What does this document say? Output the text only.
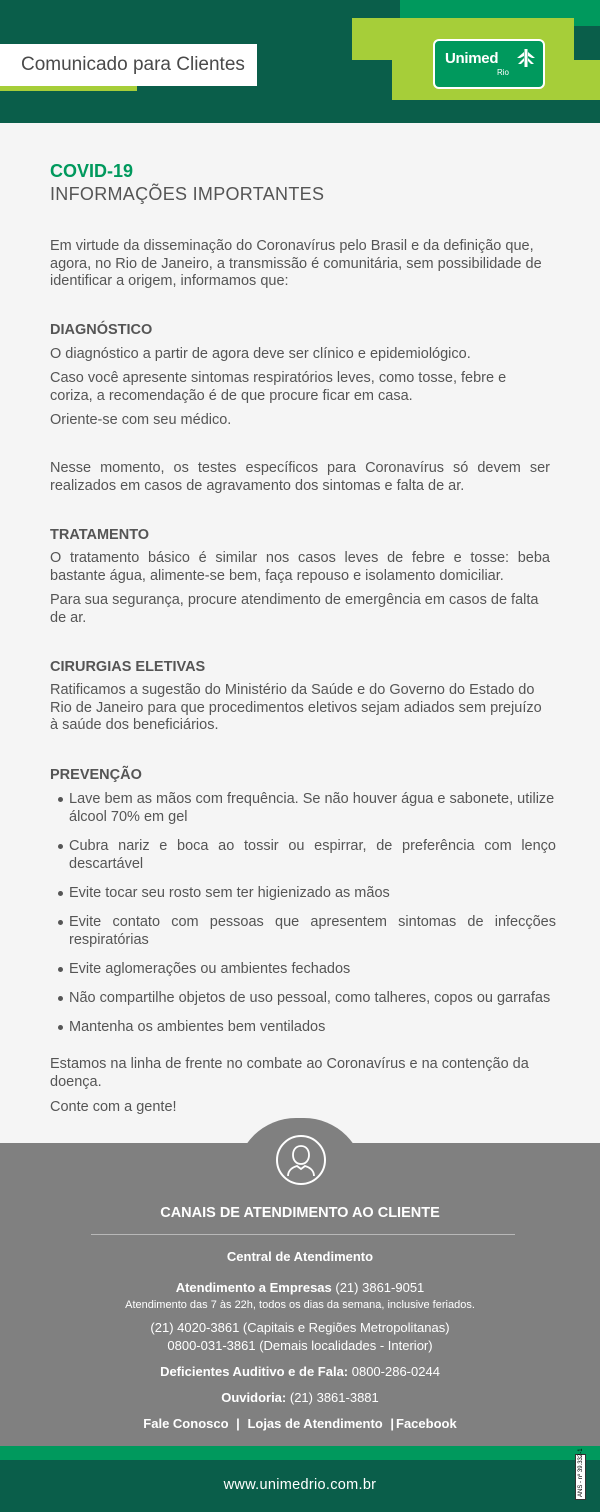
Comunicado para Clientes	Unimed
Rio
COVID-19
INFORMAÇÕES IMPORTANTES

Em virtude da disseminação do Coronavírus pelo Brasil e da definição que, agora, no Rio de Janeiro, a transmissão é comunitária, sem possibilidade de identificar a origem, informamos que:

DIAGNÓSTICO

O diagnóstico a partir de agora deve ser clínico e epidemiológico.

Caso você apresente sintomas respiratórios leves, como tosse, febre e coriza, a recomendação é de que procure ficar em casa.

Oriente-se com seu médico.

Nesse momento, os testes específicos para Coronavírus só devem ser realizados em casos de agravamento dos sintomas e falta de ar.

TRATAMENTO

O tratamento básico é similar nos casos leves de febre e tosse: beba bastante água, alimente-se bem, faça repouso e isolamento domiciliar.

Para sua segurança, procure atendimento de emergência em casos de falta de ar.

CIRURGIAS ELETIVAS

Ratificamos a sugestão do Ministério da Saúde e do Governo do Estado do Rio de Janeiro para que procedimentos eletivos sejam adiados sem prejuízo à saúde dos beneficiários.

PREVENÇÃO
Lave bem as mãos com frequência. Se não houver água e sabonete, utilize álcool 70% em gel
Cubra nariz e boca ao tossir ou espirrar, de preferência com lenço descartável
Evite tocar seu rosto sem ter higienizado as mãos
Evite contato com pessoas que apresentem sintomas de infecções respiratórias
Evite aglomerações ou ambientes fechados
Não compartilhe objetos de uso pessoal, como talheres, copos ou garrafas
Mantenha os ambientes bem ventilados

Estamos na linha de frente no combate ao Coronavírus e na contenção da doença.

Conte com a gente!

CANAIS DE ATENDIMENTO AO CLIENTE
Central de Atendimento
Atendimento a Empresas (21) 3861-9051
Atendimento das 7 às 22h, todos os dias da semana, inclusive feriados.
(21) 4020-3861 (Capitais e Regiões Metropolitanas)
0800-031-3861 (Demais localidades - Interior)
Deficientes Auditivo e de Fala: 0800-286-0244
Ouvidoria: (21) 3861-3881
Fale Conosco | Lojas de Atendimento | Facebook
www.unimedrio.com.br	ANS - nº 39.332-1
